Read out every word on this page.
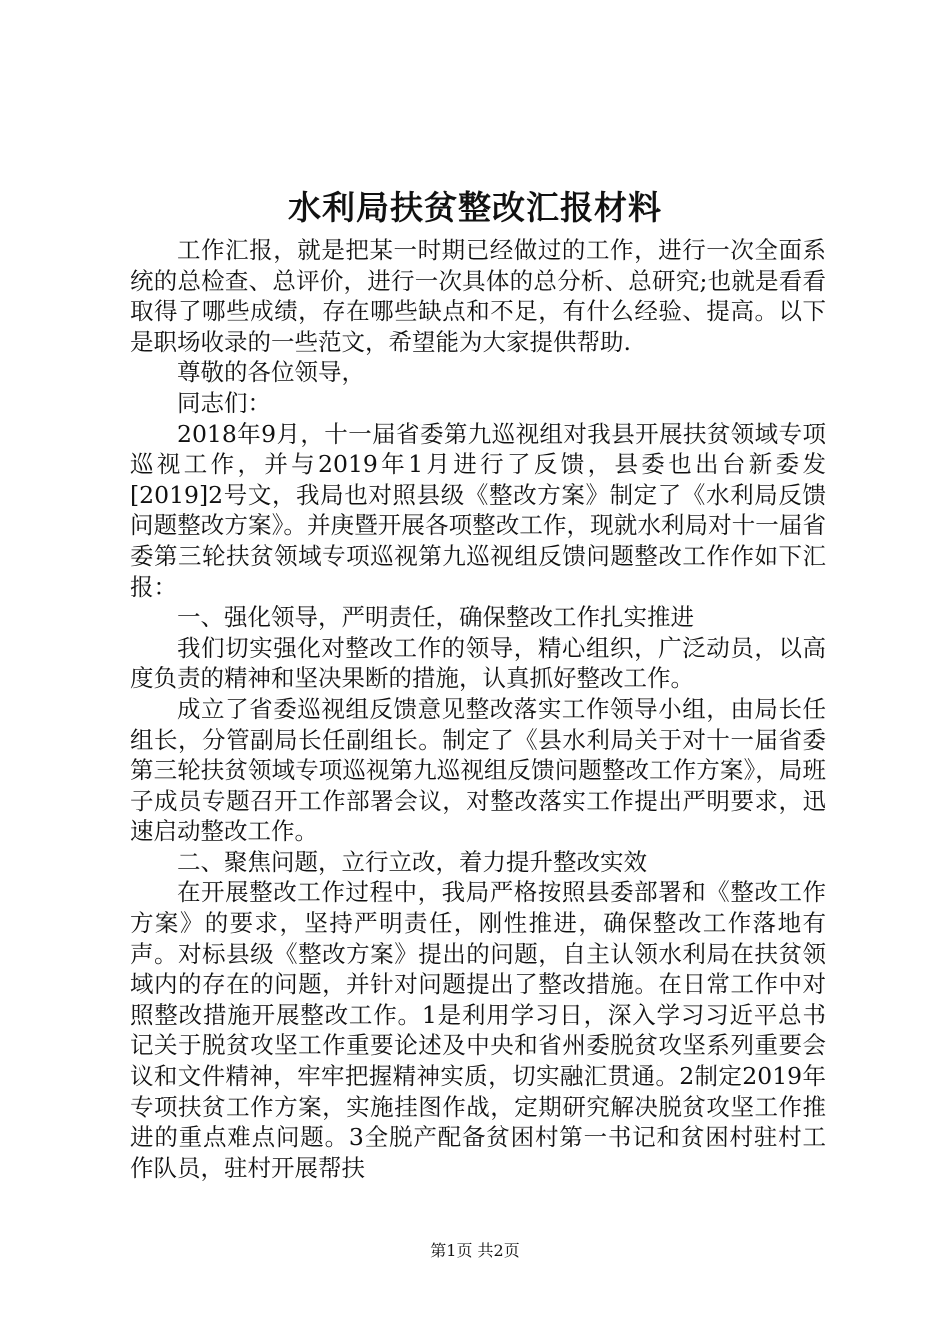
水利局扶贫整改汇报材料

工作汇报，就是把某一时期已经做过的工作，进行一次全面系统的总检查、总评价，进行一次具体的总分析、总研究;也就是看看取得了哪些成绩，存在哪些缺点和不足，有什么经验、提高。以下是职场收录的一些范文，希望能为大家提供帮助.

尊敬的各位领导，

同志们：

2018年9月，十一届省委第九巡视组对我县开展扶贫领域专项巡视工作，并与2019年1月进行了反馈，县委也出台新委发[2019]2号文，我局也对照县级《整改方案》制定了《水利局反馈问题整改方案》。并庚暨开展各项整改工作，现就水利局对十一届省委第三轮扶贫领域专项巡视第九巡视组反馈问题整改工作作如下汇报：

一、强化领导，严明责任，确保整改工作扎实推进

我们切实强化对整改工作的领导，精心组织，广泛动员，以高度负责的精神和坚决果断的措施，认真抓好整改工作。

成立了省委巡视组反馈意见整改落实工作领导小组，由局长任组长，分管副局长任副组长。制定了《县水利局关于对十一届省委第三轮扶贫领域专项巡视第九巡视组反馈问题整改工作方案》，局班子成员专题召开工作部署会议，对整改落实工作提出严明要求，迅速启动整改工作。

二、聚焦问题，立行立改，着力提升整改实效

在开展整改工作过程中，我局严格按照县委部署和《整改工作方案》的要求，坚持严明责任，刚性推进，确保整改工作落地有声。对标县级《整改方案》提出的问题，自主认领水利局在扶贫领域内的存在的问题，并针对问题提出了整改措施。在日常工作中对照整改措施开展整改工作。1是利用学习日，深入学习习近平总书记关于脱贫攻坚工作重要论述及中央和省州委脱贫攻坚系列重要会议和文件精神，牢牢把握精神实质，切实融汇贯通。2制定2019年专项扶贫工作方案，实施挂图作战，定期研究解决脱贫攻坚工作推进的重点难点问题。3全脱产配备贫困村第一书记和贫困村驻村工作队员，驻村开展帮扶

第1页 共2页
